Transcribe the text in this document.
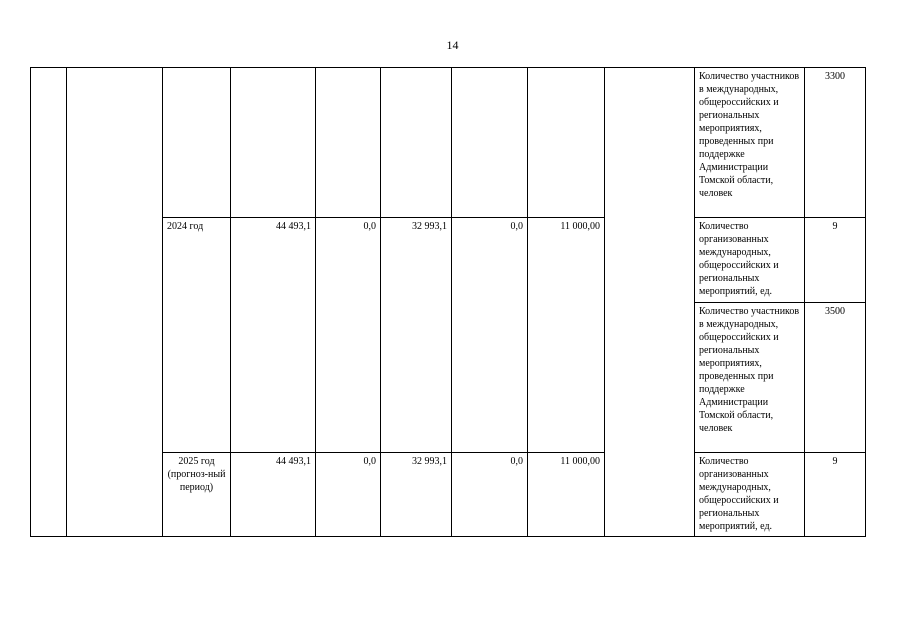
14
									Количество участников в международных, общероссийских и региональных мероприятиях, проведенных при поддержке Администрации Томской области, человек	3300
		2024 год	44 493,1	0,0	32 993,1	0,0	11 000,00		Количество организованных международных, общероссийских и региональных мероприятий, ед.	9
									Количество участников в международных, общероссийских и региональных мероприятиях, проведенных при поддержке Администрации Томской области, человек	3500
		2025 год (прогноз-ный период)	44 493,1	0,0	32 993,1	0,0	11 000,00		Количество организованных международных, общероссийских и региональных мероприятий, ед.	9
